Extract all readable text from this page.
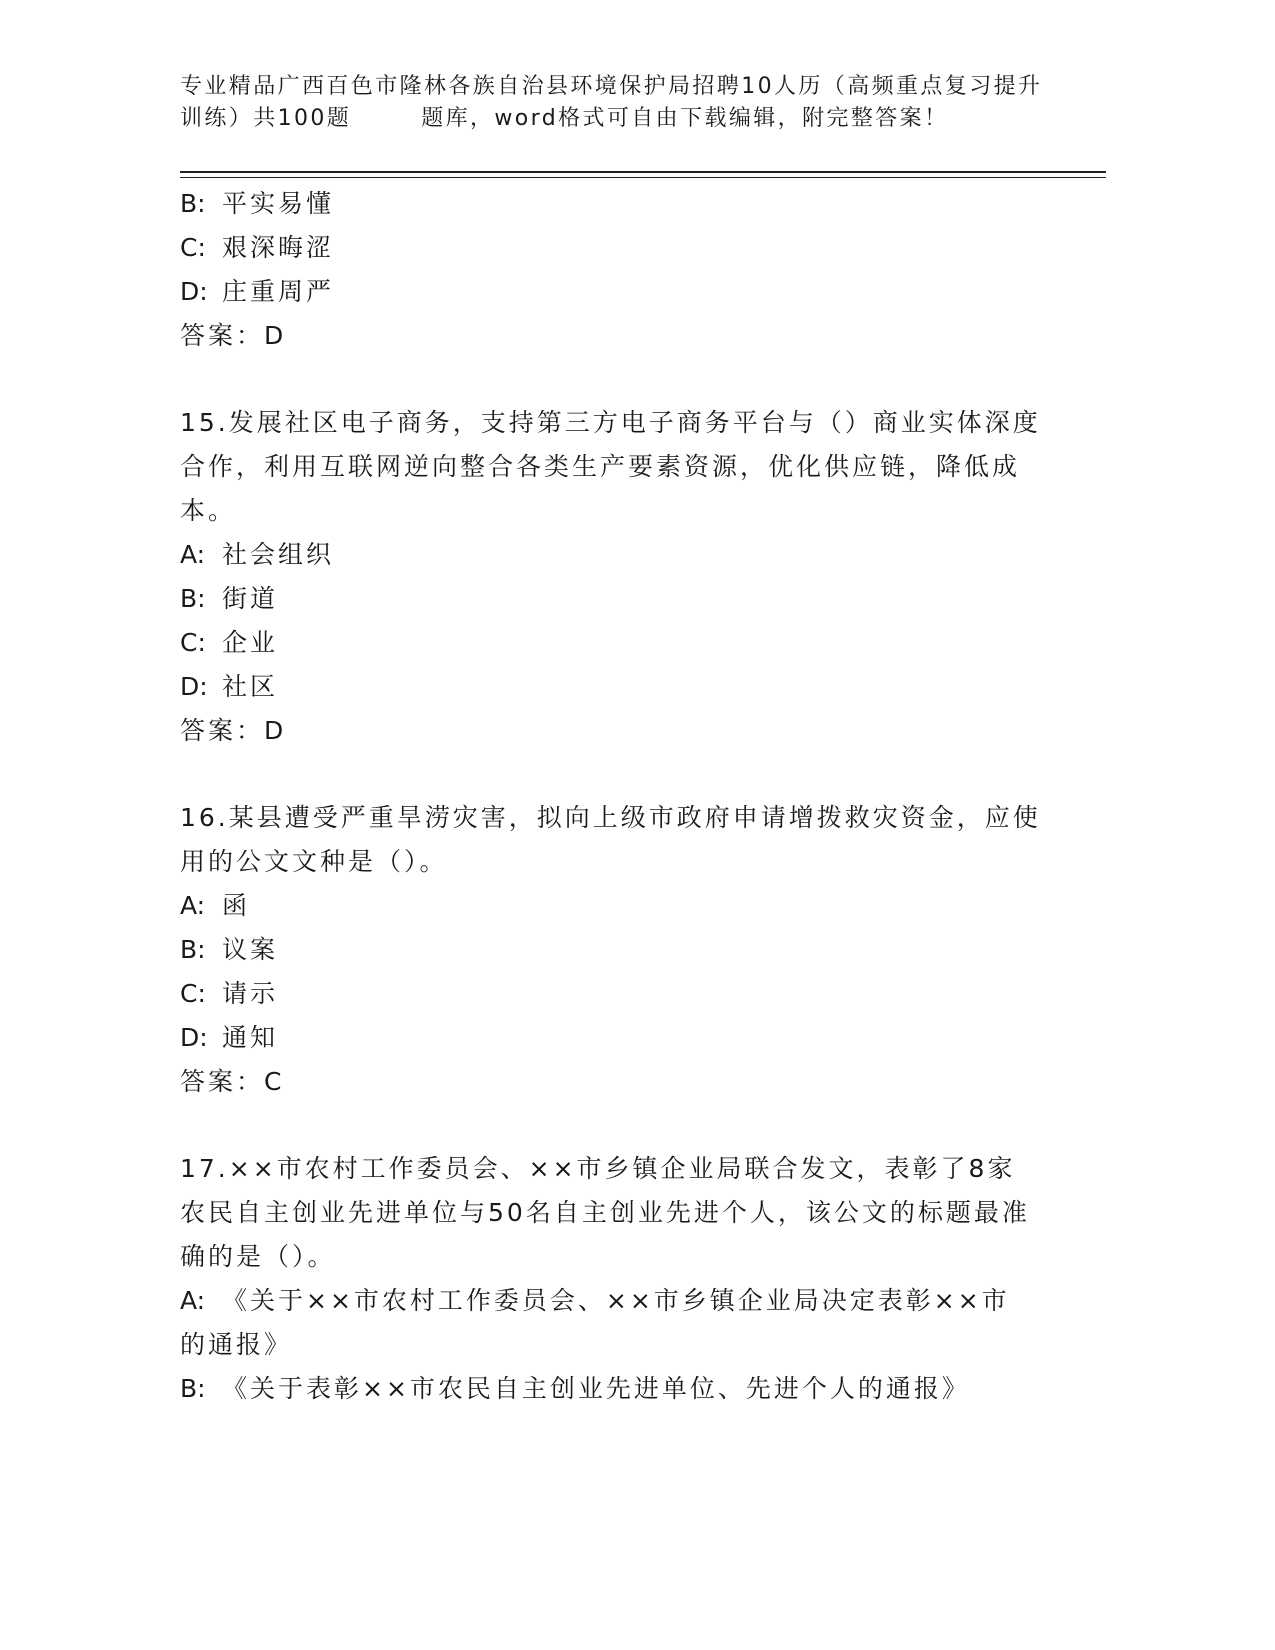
专业精品广西百色市隆林各族自治县环境保护局招聘10人历（高频重点复习提升
训练）共100题	题库，word格式可自由下载编辑，附完整答案！
B: 平实易懂
C: 艰深晦涩
D: 庄重周严
答案：D
15.发展社区电子商务，支持第三方电子商务平台与（）商业实体深度
合作，利用互联网逆向整合各类生产要素资源，优化供应链，降低成
本。
A: 社会组织
B: 街道
C: 企业
D: 社区
答案：D
16.某县遭受严重旱涝灾害，拟向上级市政府申请增拨救灾资金，应使
用的公文文种是（）。
A: 函
B: 议案
C: 请示
D: 通知
答案：C
17.××市农村工作委员会、××市乡镇企业局联合发文，表彰了8家
农民自主创业先进单位与50名自主创业先进个人，该公文的标题最准
确的是（）。
A: 《关于××市农村工作委员会、××市乡镇企业局决定表彰××市
的通报》
B: 《关于表彰××市农民自主创业先进单位、先进个人的通报》
